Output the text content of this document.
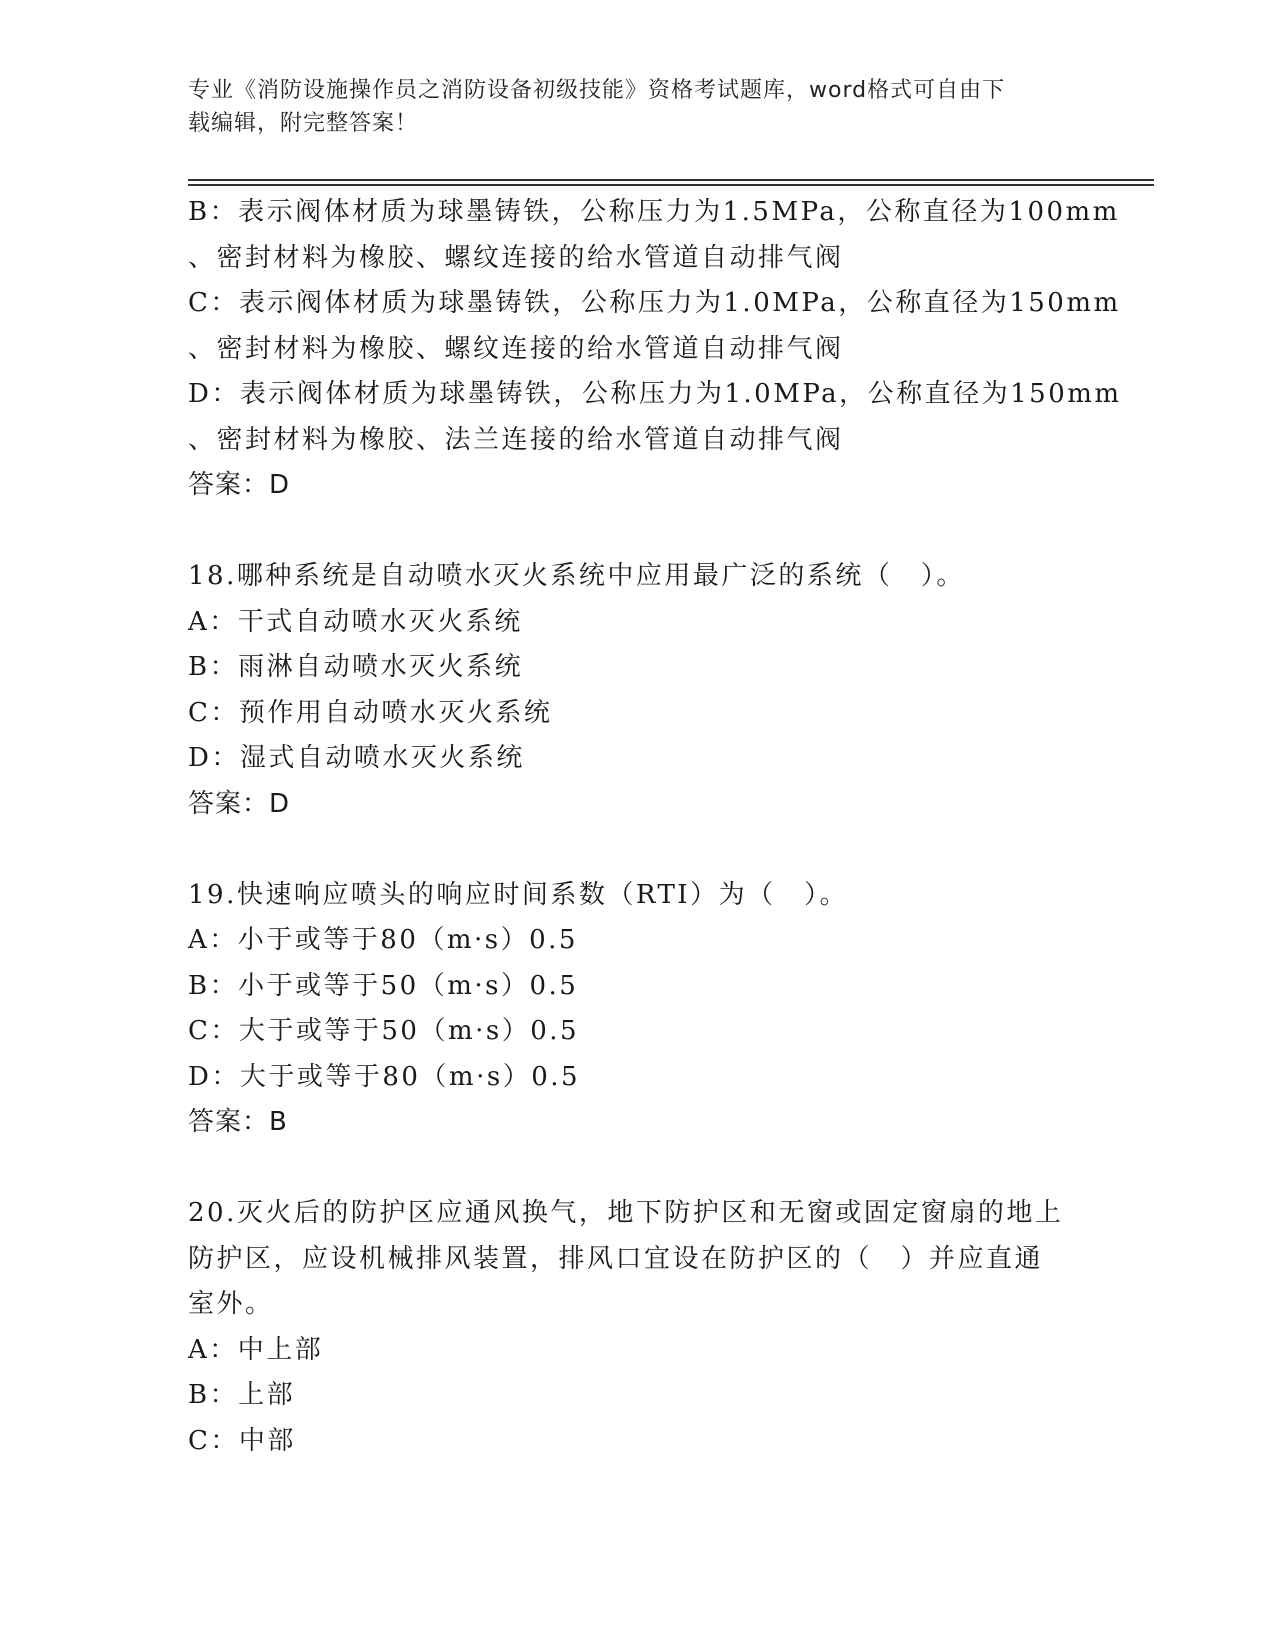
专业《消防设施操作员之消防设备初级技能》资格考试题库，word格式可自由下
载编辑，附完整答案！
B：表示阀体材质为球墨铸铁，公称压力为1.5MPa，公称直径为100mm
、密封材料为橡胶、螺纹连接的给水管道自动排气阀
C：表示阀体材质为球墨铸铁，公称压力为1.0MPa，公称直径为150mm
、密封材料为橡胶、螺纹连接的给水管道自动排气阀
D：表示阀体材质为球墨铸铁，公称压力为1.0MPa，公称直径为150mm
、密封材料为橡胶、法兰连接的给水管道自动排气阀
答案：D
18.哪种系统是自动喷水灭火系统中应用最广泛的系统（　）。
A：干式自动喷水灭火系统
B：雨淋自动喷水灭火系统
C：预作用自动喷水灭火系统
D：湿式自动喷水灭火系统
答案：D
19.快速响应喷头的响应时间系数（RTI）为（　）。
A：小于或等于80（m·s）0.5
B：小于或等于50（m·s）0.5
C：大于或等于50（m·s）0.5
D：大于或等于80（m·s）0.5
答案：B
20.灭火后的防护区应通风换气，地下防护区和无窗或固定窗扇的地上
防护区，应设机械排风装置，排风口宜设在防护区的（　）并应直通
室外。
A：中上部
B：上部
C：中部
